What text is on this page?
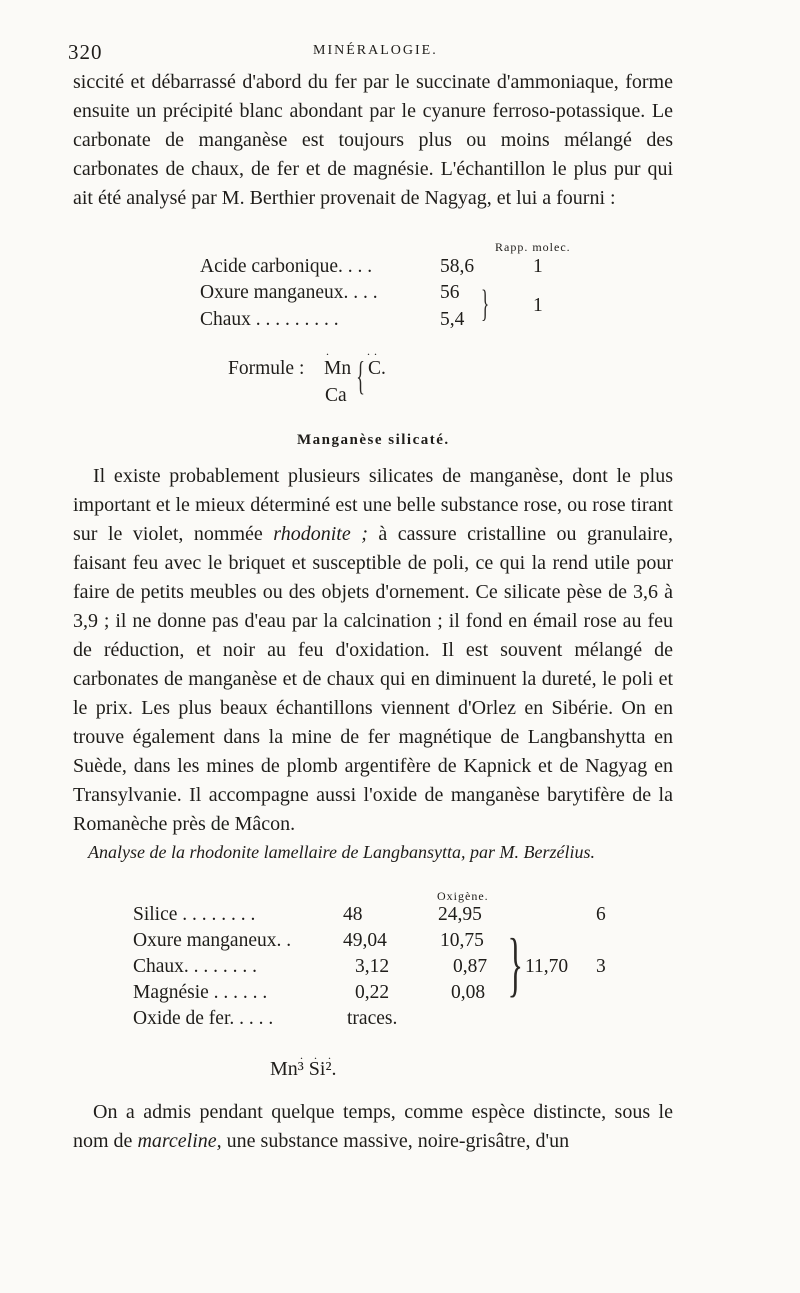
320	MINÉRALOGIE.

siccité et débarrassé d'abord du fer par le succinate d'ammoniaque, forme ensuite un précipité blanc abondant par le cyanure ferroso-potassique. Le carbonate de manganèse est toujours plus ou moins mélangé des carbonates de chaux, de fer et de magnésie. L'échantillon le plus pur qui ait été analysé par M. Berthier provenait de Nagyag, et lui a fourni :

Rapp. molec.
Acide carbonique. . . .	58,6	1
Oxure manganeux. . . .	56
Chaux . . . . . . . . .	5,4 } 1
Formule :
.
Mn
Ca {
..
C.
Manganèse silicaté.

Il existe probablement plusieurs silicates de manganèse, dont le plus important et le mieux déterminé est une belle substance rose, ou rose tirant sur le violet, nommée rhodonite ; à cassure cristalline ou granulaire, faisant feu avec le briquet et susceptible de poli, ce qui la rend utile pour faire de petits meubles ou des objets d'ornement. Ce silicate pèse de 3,6 à 3,9 ; il ne donne pas d'eau par la calcination ; il fond en émail rose au feu de réduction, et noir au feu d'oxidation. Il est souvent mélangé de carbonates de manganèse et de chaux qui en diminuent la dureté, le poli et le prix. Les plus beaux échantillons viennent d'Orlez en Sibérie. On en trouve également dans la mine de fer magnétique de Langbanshytta en Suède, dans les mines de plomb argentifère de Kapnick et de Nagyag en Transylvanie. Il accompagne aussi l'oxide de manganèse barytifère de la Romanèche près de Mâcon.

Analyse de la rhodonite lamellaire de Langbansytta, par M. Berzélius.
Oxigène.
Silice . . . . . . . .	48	24,95	6
Oxure manganeux. .	49,04	10,75
Chaux. . . . . . . .	3,12	0,87
Magnésie . . . . . .	0,22	0,08
Oxide de fer. . . . .	traces.
} 11,70 3
. . .
Mn³ Si².

On a admis pendant quelque temps, comme espèce distincte, sous le nom de marceline, une substance massive, noire-grisâtre, d'un
